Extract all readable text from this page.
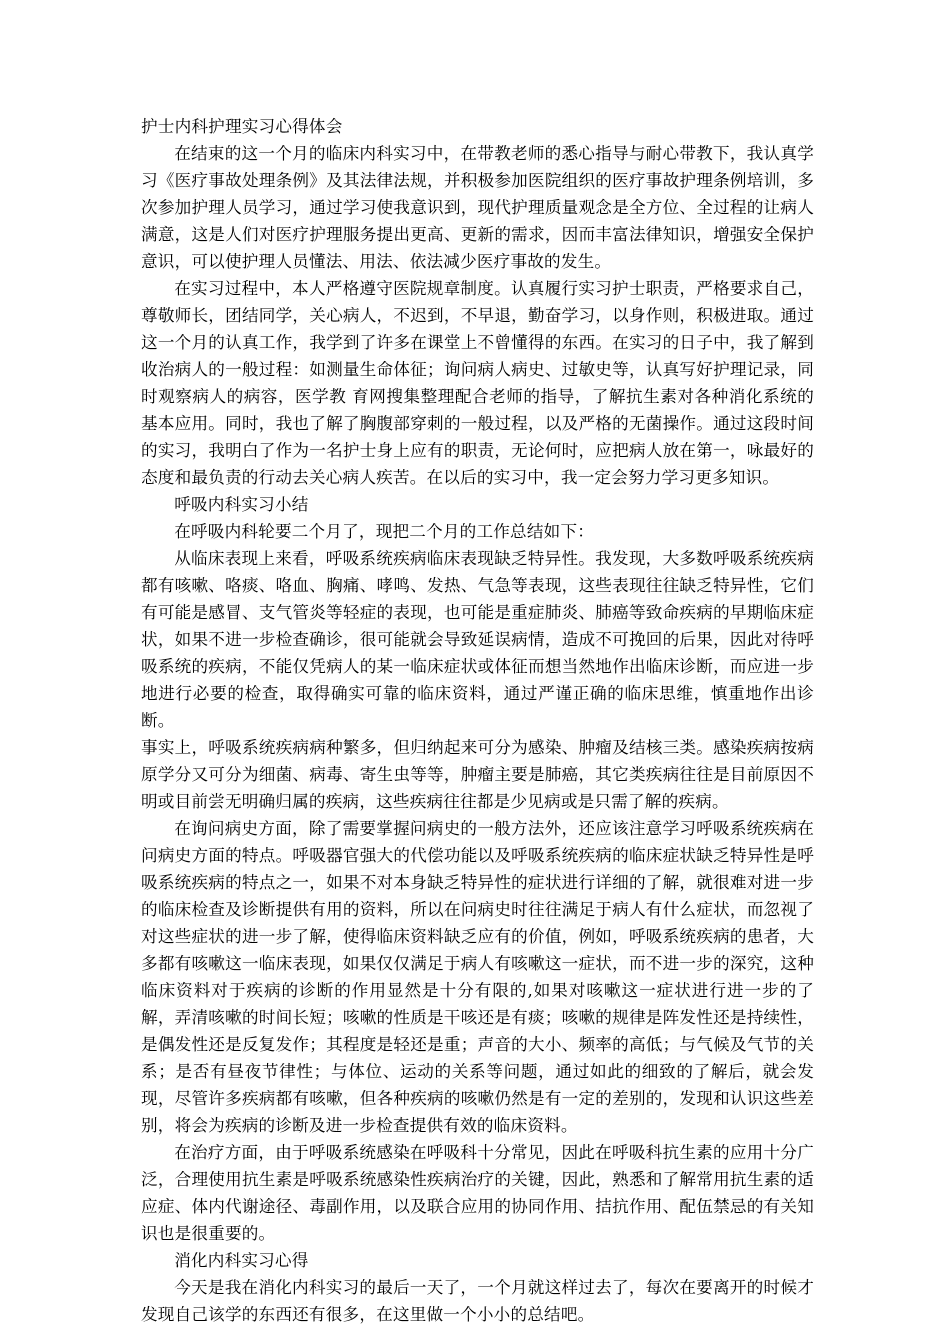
护士内科护理实习心得体会

在结束的这一个月的临床内科实习中，在带教老师的悉心指导与耐心带教下，我认真学习《医疗事故处理条例》及其法律法规，并积极参加医院组织的医疗事故护理条例培训，多次参加护理人员学习，通过学习使我意识到，现代护理质量观念是全方位、全过程的让病人满意，这是人们对医疗护理服务提出更高、更新的需求，因而丰富法律知识，增强安全保护意识，可以使护理人员懂法、用法、依法减少医疗事故的发生。

在实习过程中，本人严格遵守医院规章制度。认真履行实习护士职责，严格要求自己，尊敬师长，团结同学，关心病人，不迟到，不早退，勤奋学习，以身作则，积极进取。通过这一个月的认真工作，我学到了许多在课堂上不曾懂得的东西。在实习的日子中，我了解到收治病人的一般过程：如测量生命体征；询问病人病史、过敏史等，认真写好护理记录，同时观察病人的病容，医学教 育网搜集整理配合老师的指导，了解抗生素对各种消化系统的基本应用。同时，我也了解了胸腹部穿刺的一般过程，以及严格的无菌操作。通过这段时间的实习，我明白了作为一名护士身上应有的职责，无论何时，应把病人放在第一，咏最好的态度和最负责的行动去关心病人疾苦。在以后的实习中，我一定会努力学习更多知识。

呼吸内科实习小结

在呼吸内科轮要二个月了，现把二个月的工作总结如下：

从临床表现上来看，呼吸系统疾病临床表现缺乏特异性。我发现，大多数呼吸系统疾病都有咳嗽、咯痰、咯血、胸痛、哮鸣、发热、气急等表现，这些表现往往缺乏特异性，它们有可能是感冒、支气管炎等轻症的表现，也可能是重症肺炎、肺癌等致命疾病的早期临床症状，如果不进一步检查确诊，很可能就会导致延误病情，造成不可挽回的后果，因此对待呼吸系统的疾病，不能仅凭病人的某一临床症状或体征而想当然地作出临床诊断，而应进一步地进行必要的检查，取得确实可靠的临床资料，通过严谨正确的临床思维，慎重地作出诊断。

事实上，呼吸系统疾病病种繁多，但归纳起来可分为感染、肿瘤及结核三类。感染疾病按病原学分又可分为细菌、病毒、寄生虫等等，肿瘤主要是肺癌，其它类疾病往往是目前原因不明或目前尝无明确归属的疾病，这些疾病往往都是少见病或是只需了解的疾病。

在询问病史方面，除了需要掌握问病史的一般方法外，还应该注意学习呼吸系统疾病在问病史方面的特点。呼吸器官强大的代偿功能以及呼吸系统疾病的临床症状缺乏特异性是呼吸系统疾病的特点之一，如果不对本身缺乏特异性的症状进行详细的了解，就很难对进一步的临床检查及诊断提供有用的资料，所以在问病史时往往满足于病人有什么症状，而忽视了对这些症状的进一步了解，使得临床资料缺乏应有的价值，例如，呼吸系统疾病的患者，大多都有咳嗽这一临床表现，如果仅仅满足于病人有咳嗽这一症状，而不进一步的深究，这种临床资料对于疾病的诊断的作用显然是十分有限的,如果对咳嗽这一症状进行进一步的了解，弄清咳嗽的时间长短；咳嗽的性质是干咳还是有痰；咳嗽的规律是阵发性还是持续性，是偶发性还是反复发作；其程度是轻还是重；声音的大小、频率的高低；与气候及气节的关系；是否有昼夜节律性；与体位、运动的关系等问题，通过如此的细致的了解后，就会发现，尽管许多疾病都有咳嗽，但各种疾病的咳嗽仍然是有一定的差别的，发现和认识这些差别，将会为疾病的诊断及进一步检查提供有效的临床资料。

在治疗方面，由于呼吸系统感染在呼吸科十分常见，因此在呼吸科抗生素的应用十分广泛，合理使用抗生素是呼吸系统感染性疾病治疗的关键，因此，熟悉和了解常用抗生素的适应症、体内代谢途径、毒副作用，以及联合应用的协同作用、拮抗作用、配伍禁忌的有关知识也是很重要的。

消化内科实习心得

今天是我在消化内科实习的最后一天了，一个月就这样过去了，每次在要离开的时候才发现自己该学的东西还有很多，在这里做一个小小的总结吧。
